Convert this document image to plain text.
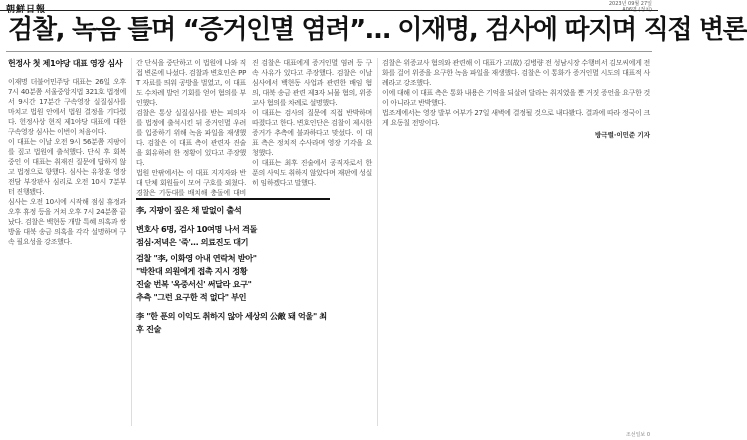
朝鮮日報
2023년 09월 27일
A06면 (정치)
검찰, 녹음 틀며 “증거인멸 염려”… 이재명, 검사에 따지며 직접 변론
헌정사 첫 제1야당 대표 영장 심사

이재명 더불어민주당 대표는 26일 오후 7시 40분쯤 서울중앙지법 321호 법정에서 9시간 17분간 구속영장 실질심사를 마치고 법원 안에서 법원 결정을 기다렸다. 헌정사상 현직 제1야당 대표에 대한 구속영장 심사는 이번이 처음이다.

이 대표는 이날 오전 9시 56분쯤 지팡이를 짚고 법원에 출석했다. 단식 후 회복 중인 이 대표는 취재진 질문에 답하지 않고 법정으로 향했다. 심사는 유창훈 영장전담 부장판사 심리로 오전 10시 7분부터 진행됐다.

심사는 오전 10시에 시작해 점심 휴정과 오후 휴정 등을 거쳐 오후 7시 24분쯤 끝났다. 검찰은 백현동 개발 특혜 의혹과 쌍방울 대북 송금 의혹을 각각 설명하며 구속 필요성을 강조했다.

간 단식을 중단하고 이 법원에 나와 직접 변론에 나섰다. 검찰과 변호인은 PPT 자료를 띄워 공방을 벌였고, 이 대표도 수차례 발언 기회를 얻어 혐의를 부인했다.

검찰은 통상 실질심사를 받는 피의자를 법정에 출석시킨 뒤 증거인멸 우려를 입증하기 위해 녹음 파일을 재생했다. 검찰은 이 대표 측이 관련자 진술을 회유하려 한 정황이 있다고 주장했다.

법원 안팎에서는 이 대표 지지자와 반대 단체 회원들이 모여 구호를 외쳤다. 경찰은 기동대를 배치해 충돌에 대비

진 검찰은 대표에게 증거인멸 염려 등 구속 사유가 있다고 주장했다. 검찰은 이날 심사에서 백현동 사업과 관련한 배임 혐의, 대북 송금 관련 제3자 뇌물 혐의, 위증교사 혐의를 차례로 설명했다.

이 대표는 검사의 질문에 직접 반박하며 따졌다고 한다. 변호인단은 검찰이 제시한 증거가 추측에 불과하다고 맞섰다. 이 대표 측은 정치적 수사라며 영장 기각을 요청했다.

이 대표는 최후 진술에서 공직자로서 한 푼의 사익도 취하지 않았다며 재판에 성실히 임하겠다고 말했다.

李, 지팡이 짚은 채 말없이 출석

변호사 6명, 검사 10여명 나서 격돌

점심·저녁은 '죽'… 의료진도 대기

검찰 "李, 이화영 아내 연락처 받아"

"박찬대 의원에게 접촉 지시 정황

진술 번복 '옥중서신' 써달라 요구"

추측 "그런 요구한 적 없다" 부인

李 "한 푼의 이익도 취하지 않아 세상의 公敵 돼 억울" 최후 진술

검찰은 위증교사 혐의와 관련해 이 대표가 고(故) 김병량 전 성남시장 수행비서 김모씨에게 전화를 걸어 위증을 요구한 녹음 파일을 재생했다. 검찰은 이 통화가 증거인멸 시도의 대표적 사례라고 강조했다.

이에 대해 이 대표 측은 통화 내용은 기억을 되살려 달라는 취지였을 뿐 거짓 증언을 요구한 것이 아니라고 반박했다.

법조계에서는 영장 발부 여부가 27일 새벽에 결정될 것으로 내다봤다. 결과에 따라 정국이 크게 요동칠 전망이다.

방극렬·이민준 기자
조선일보 0
